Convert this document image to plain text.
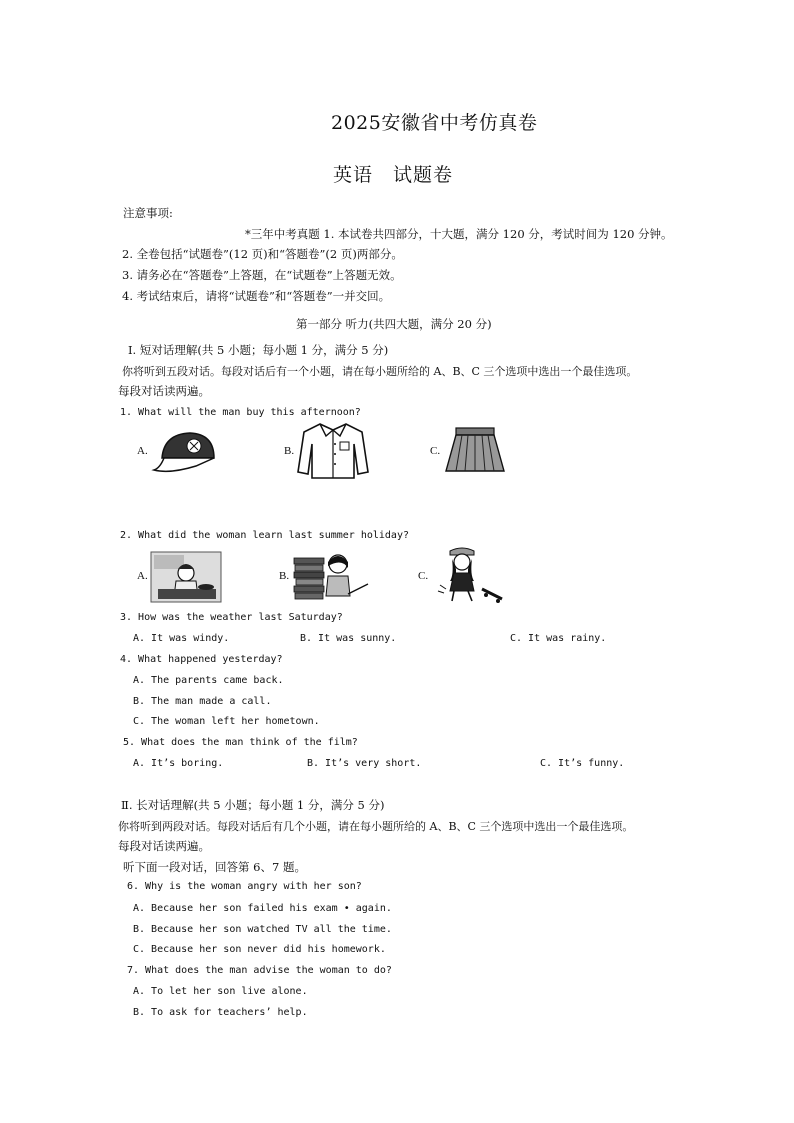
2025安徽省中考仿真卷
英语　试题卷
注意事项:
*三年中考真题 1. 本试卷共四部分，十大题，满分 120 分，考试时间为 120 分钟。
2. 全卷包括“试题卷”(12 页)和“答题卷”(2 页)两部分。
3. 请务必在“答题卷”上答题，在“试题卷”上答题无效。
4. 考试结束后，请将“试题卷”和“答题卷”一并交回。
第一部分 听力(共四大题，满分 20 分)
Ⅰ. 短对话理解(共 5 小题；每小题 1 分，满分 5 分)
你将听到五段对话。每段对话后有一个小题，请在每小题所给的 A、B、C 三个选项中选出一个最佳选项。
每段对话读两遍。
1. What will the man buy this afternoon?
A.	B.	C.
2. What did the woman learn last summer holiday?
A.	B.	C.
3. How was the weather last Saturday?
A. It was windy.	B. It was sunny.	C. It was rainy.
4. What happened yesterday?
A. The parents came back.
B. The man made a call.
C. The woman left her hometown.
5. What does the man think of the film?
A. It’s boring.	B. It’s very short.	C. It’s funny.
Ⅱ. 长对话理解(共 5 小题；每小题 1 分，满分 5 分)
你将听到两段对话。每段对话后有几个小题，请在每小题所给的 A、B、C 三个选项中选出一个最佳选项。
每段对话读两遍。
听下面一段对话，回答第 6、7 题。
6. Why is the woman angry with her son?
A. Because her son failed his exam • again.
B. Because her son watched TV all the time.
C. Because her son never did his homework.
7. What does the man advise the woman to do?
A. To let her son live alone.
B. To ask for teachers’ help.
